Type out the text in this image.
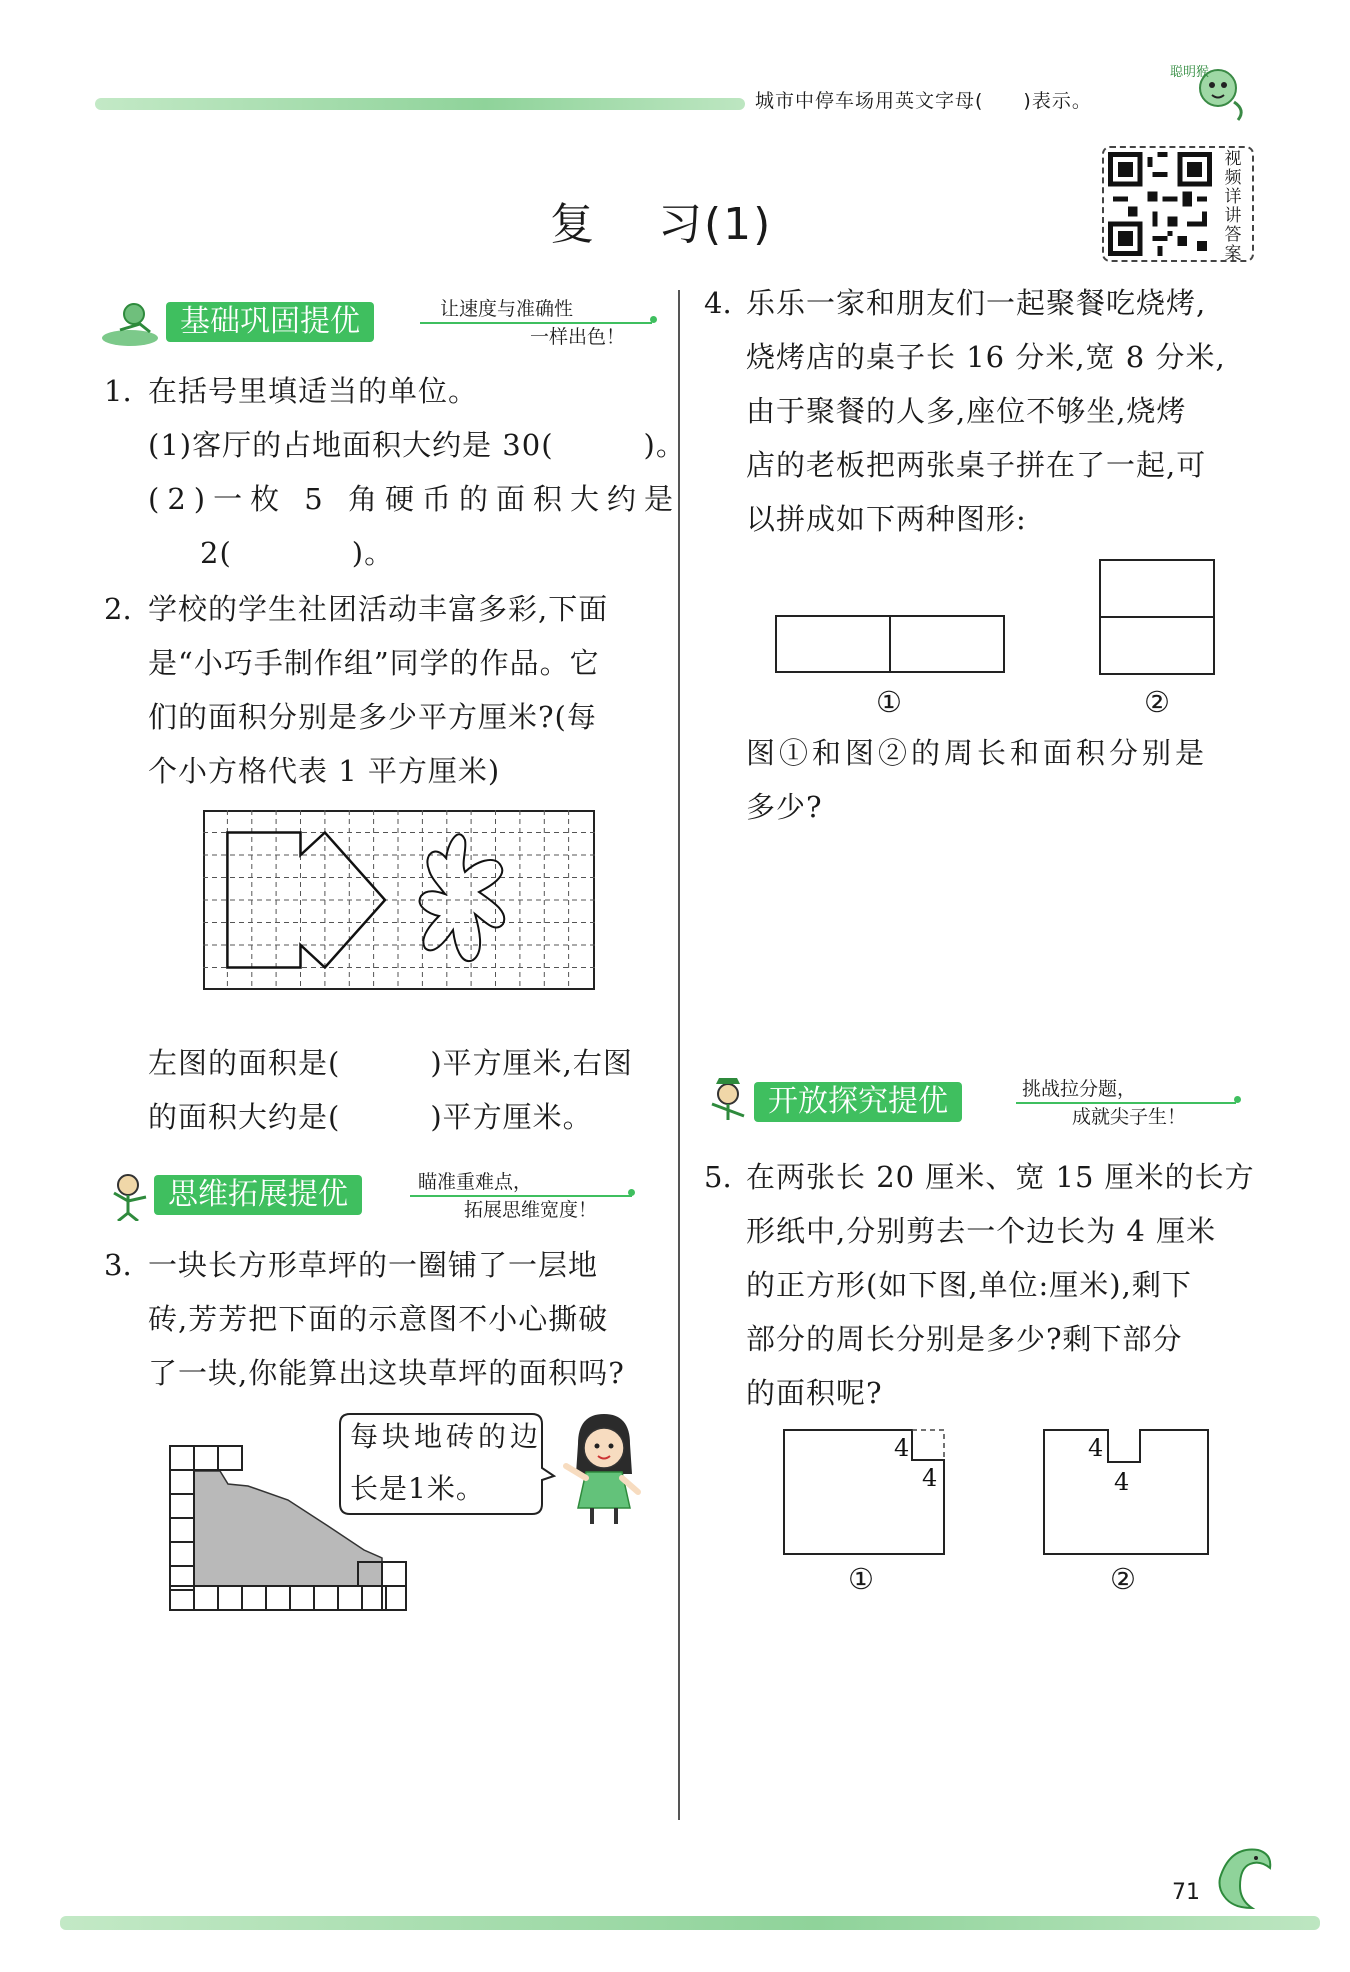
城市中停车场用英文字母(　　)表示。
聪明猴
复　 习(1)
视频详讲答案
基础巩固提优	让速度与准确性
一样出色！
1. 在括号里填适当的单位。
(1)客厅的占地面积大约是 30(　　　)。
(2)一枚 5 角硬币的面积大约是
2(　　　　)。
2. 学校的学生社团活动丰富多彩,下面
是“小巧手制作组”同学的作品。它
们的面积分别是多少平方厘米?(每
个小方格代表 1 平方厘米)
左图的面积是(　　　)平方厘米,右图
的面积大约是(　　　)平方厘米。
思维拓展提优	瞄准重难点，
拓展思维宽度！
3. 一块长方形草坪的一圈铺了一层地
砖,芳芳把下面的示意图不小心撕破
了一块,你能算出这块草坪的面积吗?
每块地砖的边
长是1米。
4. 乐乐一家和朋友们一起聚餐吃烧烤,
烧烤店的桌子长 16 分米,宽 8 分米,
由于聚餐的人多,座位不够坐,烧烤
店的老板把两张桌子拼在了一起,可
以拼成如下两种图形:
①	②
图①和图②的周长和面积分别是
多少?
开放探究提优	挑战拉分题，
成就尖子生！
5. 在两张长 20 厘米、宽 15 厘米的长方
形纸中,分别剪去一个边长为 4 厘米
的正方形(如下图,单位:厘米),剩下
部分的周长分别是多少?剩下部分
的面积呢?
4
4
①
4
4
②
71
